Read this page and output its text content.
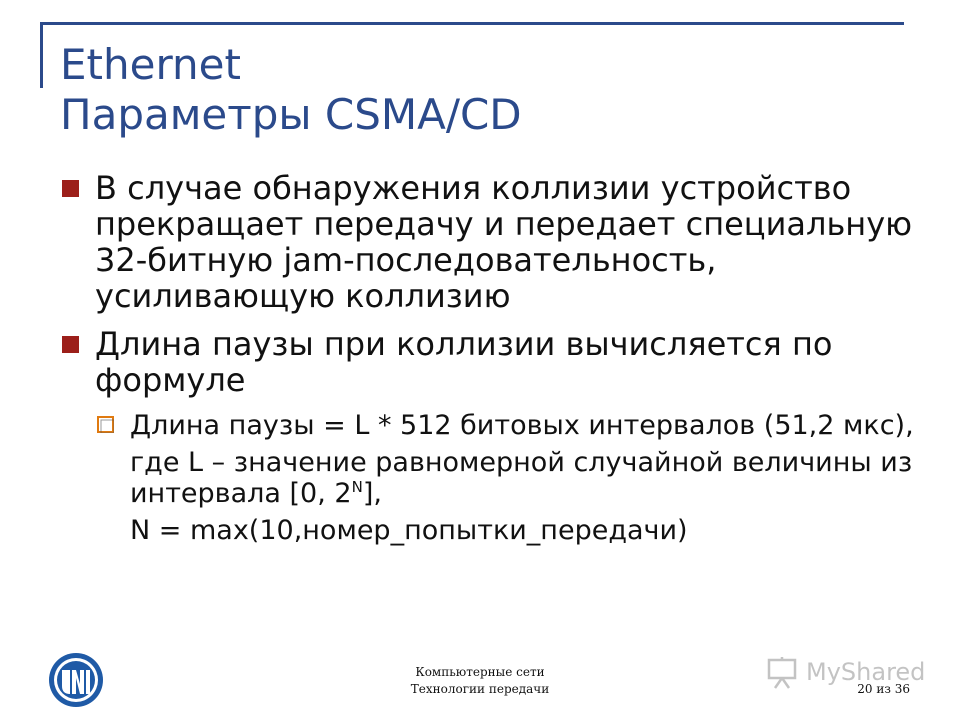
Ethernet
Параметры CSMA/CD
В случае обнаружения коллизии устройство прекращает передачу и передает специальную 32-битную jam-последовательность, усиливающую коллизию
Длина паузы при коллизии вычисляется по формуле
Длина паузы = L * 512 битовых интервалов (51,2 мкс),
где L – значение равномерной случайной величины из интервала [0, $2^N$],
N = max(10,номер_попытки_передачи)
Компьютерные сети
Технологии передачи
MyShared
20 из 36
